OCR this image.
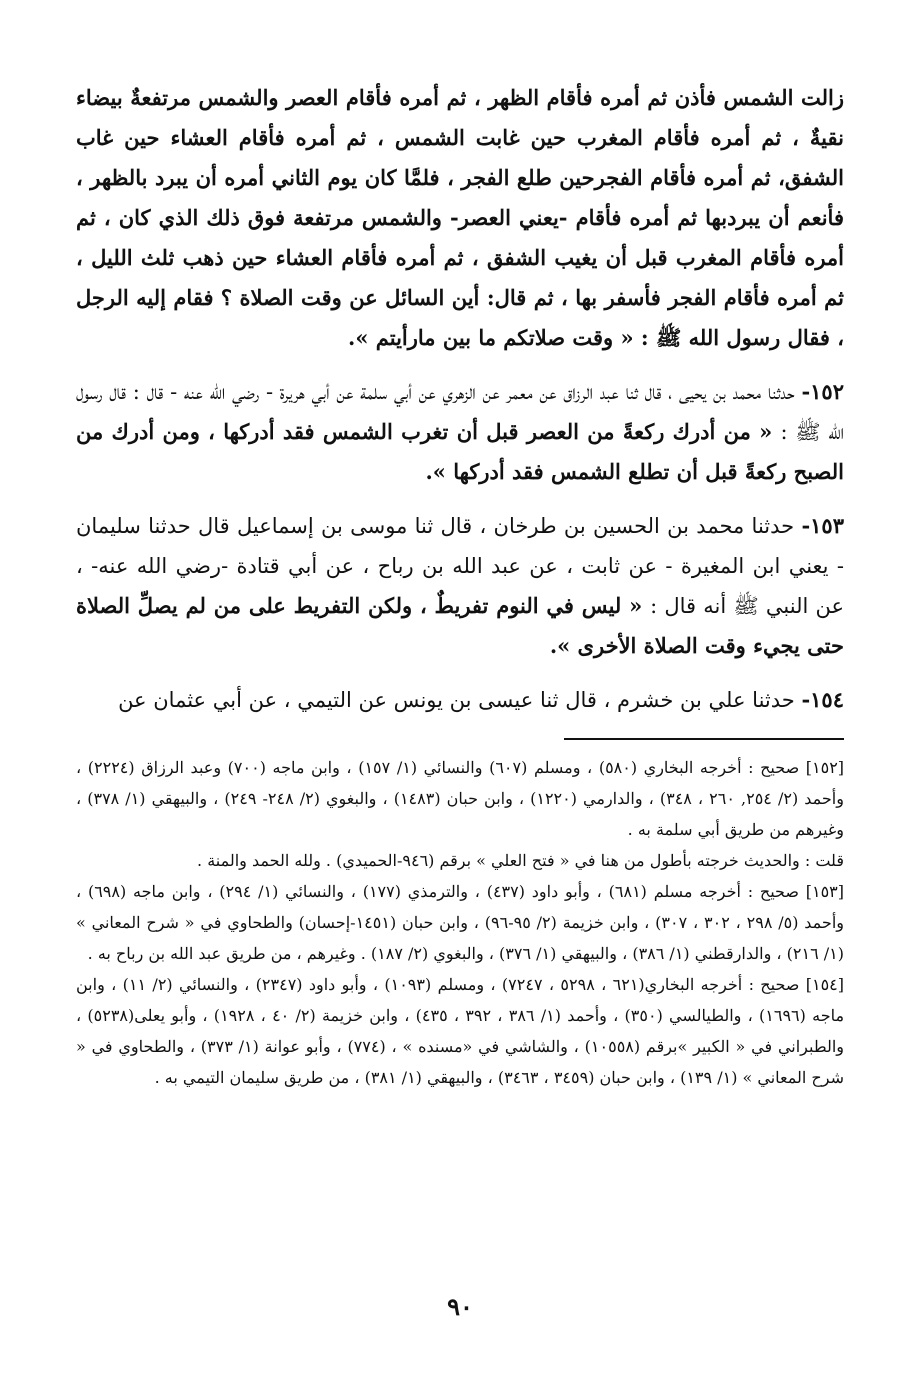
زالت الشمس فأذن ثم أمره فأقام الظهر ، ثم أمره فأقام العصر والشمس مرتفعةٌ بيضاء نقيةٌ ، ثم أمره فأقام المغرب حين غابت الشمس ، ثم أمره فأقام العشاء حين غاب الشفق، ثم أمره فأقام الفجرحين طلع الفجر ، فلمَّا كان يوم الثاني أمره أن يبرد بالظهر ، فأنعم أن يبردبها ثم أمره فأقام -يعني العصر- والشمس مرتفعة فوق ذلك الذي كان ، ثم أمره فأقام المغرب قبل أن يغيب الشفق ، ثم أمره فأقام العشاء حين ذهب ثلث الليل ، ثم أمره فأقام الفجر فأسفر بها ، ثم قال: أين السائل عن وقت الصلاة ؟ فقام إليه الرجل ، فقال رسول الله ﷺ : « وقت صلاتكم ما بين مارأيتم ».

١٥٢- حدثنا محمد بن يحيى ، قال ثنا عبد الرزاق عن معمر عن الزهري عن أبي سلمة عن أبي هريرة - رضي الله عنه - قال : قال رسول الله ﷺ : « من أدرك ركعةً من العصر قبل أن تغرب الشمس فقد أدركها ، ومن أدرك من الصبح ركعةً قبل أن تطلع الشمس فقد أدركها ».

١٥٣- حدثنا محمد بن الحسين بن طرخان ، قال ثنا موسى بن إسماعيل قال حدثنا سليمان - يعني ابن المغيرة - عن ثابت ، عن عبد الله بن رباح ، عن أبي قتادة -رضي الله عنه- ، عن النبي ﷺ أنه قال : « ليس في النوم تفريطٌ ، ولكن التفريط على من لم يصلِّ الصلاة حتى يجيء وقت الصلاة الأخرى ».

١٥٤- حدثنا علي بن خشرم ، قال ثنا عيسى بن يونس عن التيمي ، عن أبي عثمان عن

[١٥٢] صحيح : أخرجه البخاري (٥٨٠) ، ومسلم (٦٠٧) والنسائي (١/ ١٥٧) ، وابن ماجه (٧٠٠) وعبد الرزاق (٢٢٢٤) ، وأحمد (٢/ ٢٥٤, ٢٦٠ ، ٣٤٨) ، والدارمي (١٢٢٠) ، وابن حبان (١٤٨٣) ، والبغوي (٢/ ٢٤٨- ٢٤٩) ، والبيهقي (١/ ٣٧٨) ، وغيرهم من طريق أبي سلمة به .

قلت : والحديث خرجته بأطول من هنا في « فتح العلي » برقم (٩٤٦-الحميدي) . ولله الحمد والمنة .

[١٥٣] صحيح : أخرجه مسلم (٦٨١) ، وأبو داود (٤٣٧) ، والترمذي (١٧٧) ، والنسائي (١/ ٢٩٤) ، وابن ماجه (٦٩٨) ، وأحمد (٥/ ٢٩٨ ، ٣٠٢ ، ٣٠٧) ، وابن خزيمة (٢/ ٩٥-٩٦) ، وابن حبان (١٤٥١-إحسان) والطحاوي في « شرح المعاني » (١/ ٢١٦) ، والدارقطني (١/ ٣٨٦) ، والبيهقي (١/ ٣٧٦) ، والبغوي (٢/ ١٨٧) . وغيرهم ، من طريق عبد الله بن رباح به .

[١٥٤] صحيح : أخرجه البخاري(٦٢١ ، ٥٢٩٨ ، ٧٢٤٧) ، ومسلم (١٠٩٣) ، وأبو داود (٢٣٤٧) ، والنسائي (٢/ ١١) ، وابن ماجه (١٦٩٦) ، والطيالسي (٣٥٠) ، وأحمد (١/ ٣٨٦ ، ٣٩٢ ، ٤٣٥) ، وابن خزيمة (٢/ ٤٠ ، ١٩٢٨) ، وأبو يعلى(٥٢٣٨) ، والطبراني في « الكبير »برقم (١٠٥٥٨) ، والشاشي في «مسنده » ، (٧٧٤) ، وأبو عوانة (١/ ٣٧٣) ، والطحاوي في « شرح المعاني » (١/ ١٣٩) ، وابن حبان (٣٤٥٩ ، ٣٤٦٣) ، والبيهقي (١/ ٣٨١) ، من طريق سليمان التيمي به .

٩٠
